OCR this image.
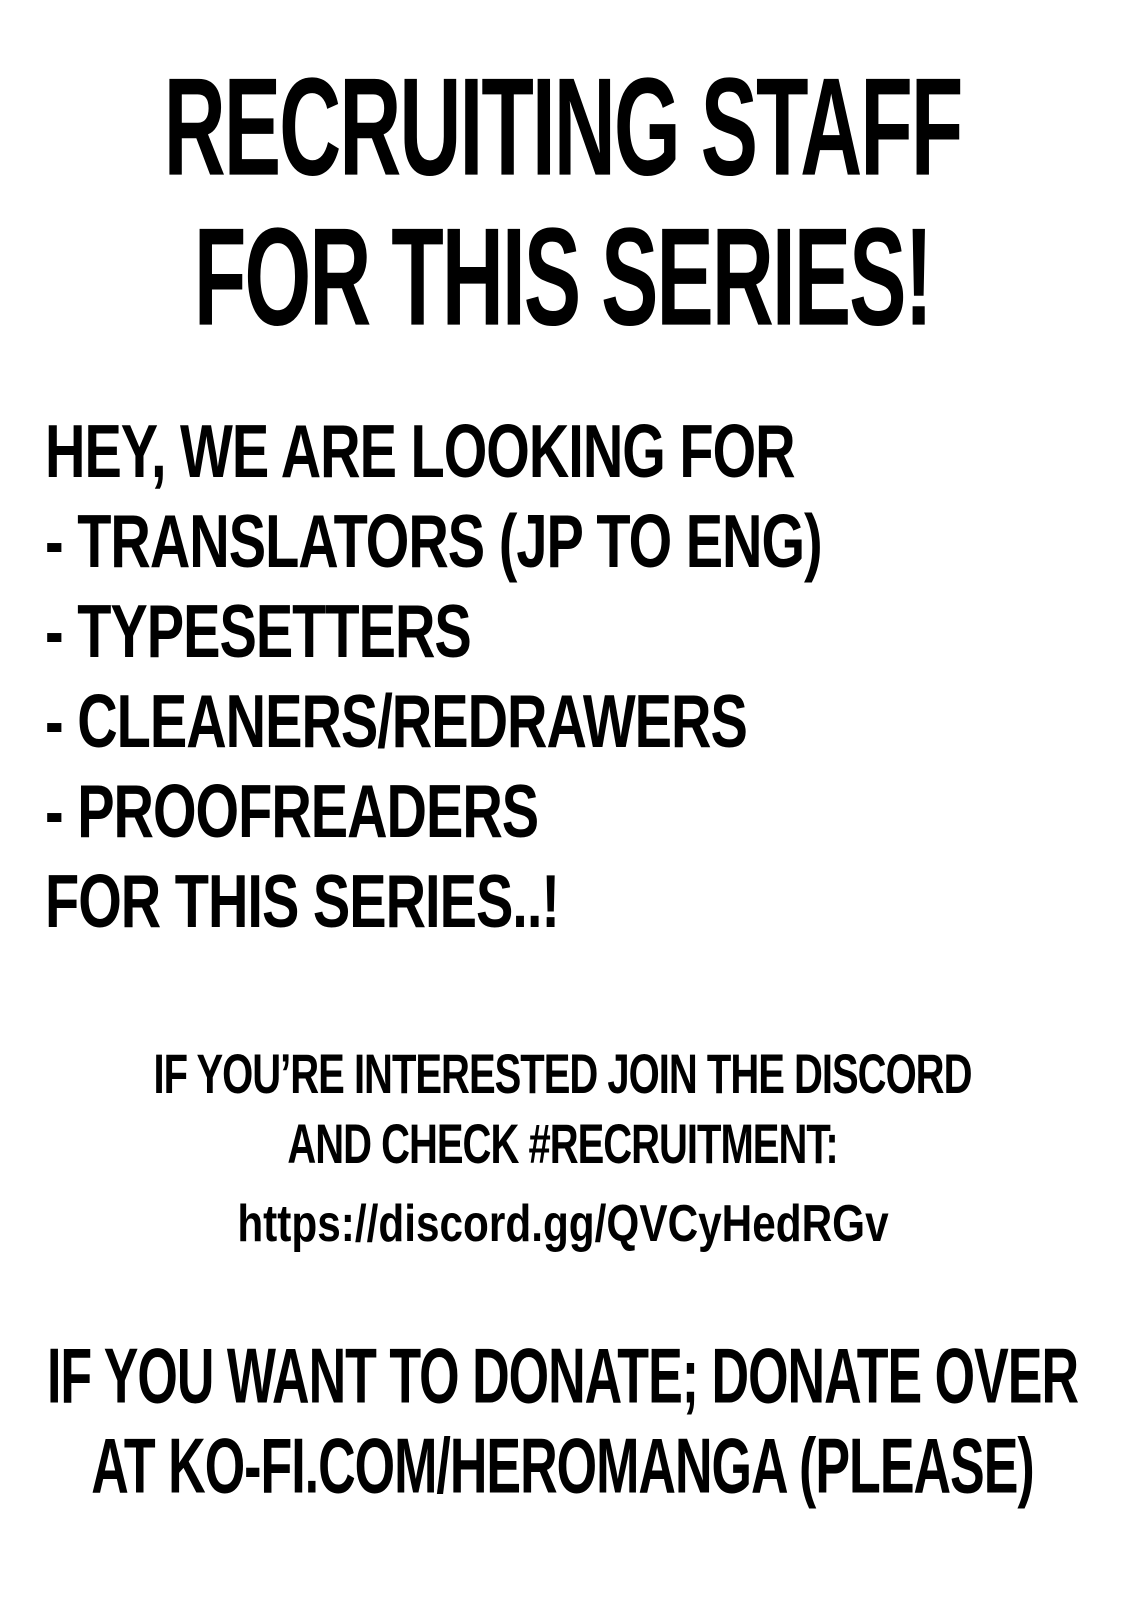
RECRUITING STAFF
FOR THIS SERIES!
HEY, WE ARE LOOKING FOR
- TRANSLATORS (JP TO ENG)
- TYPESETTERS
- CLEANERS/REDRAWERS
- PROOFREADERS
FOR THIS SERIES..!
IF YOU’RE INTERESTED JOIN THE DISCORD
AND CHECK #RECRUITMENT:
https://discord.gg/QVCyHedRGv
IF YOU WANT TO DONATE; DONATE OVER
AT KO-FI.COM/HEROMANGA (PLEASE)
